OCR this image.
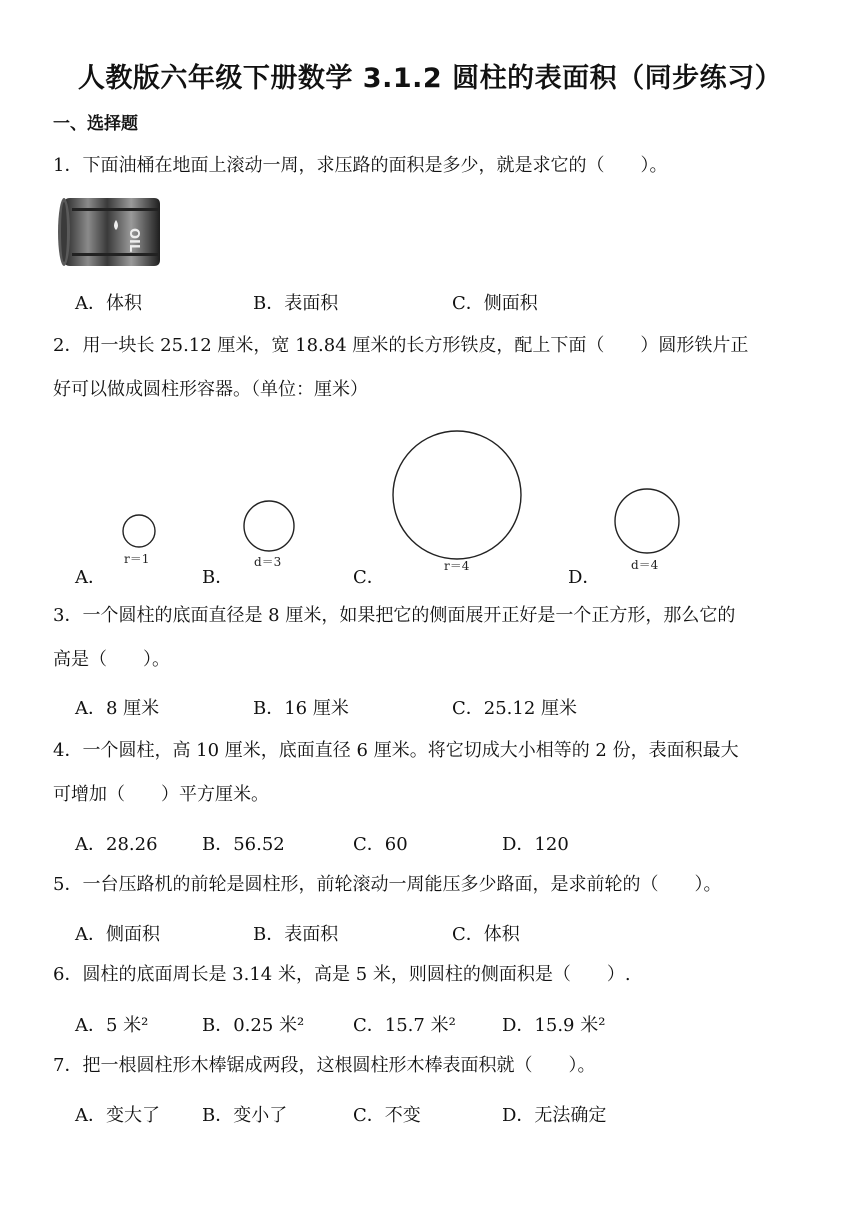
人教版六年级下册数学 3.1.2 圆柱的表面积（同步练习）
一、选择题
1．下面油桶在地面上滚动一周，求压路的面积是多少，就是求它的（　　）。
OIL
2．用一块长 25.12 厘米，宽 18.84 厘米的长方形铁皮，配上下面（　　）圆形铁片正
好可以做成圆柱形容器。（单位：厘米）
r＝1	d＝3	r＝4	d＝4
3．一个圆柱的底面直径是 8 厘米，如果把它的侧面展开正好是一个正方形，那么它的
高是（　　）。
4．一个圆柱，高 10 厘米，底面直径 6 厘米。将它切成大小相等的 2 份，表面积最大
可增加（　　）平方厘米。
5．一台压路机的前轮是圆柱形，前轮滚动一周能压多少路面，是求前轮的（　　）。
6．圆柱的底面周长是 3.14 米，高是 5 米，则圆柱的侧面积是（　　）.
7．把一根圆柱形木棒锯成两段，这根圆柱形木棒表面积就（　　）。
A．体积	B．表面积	C．侧面积
A．	B．	C．	D．
A．8 厘米	B．16 厘米	C．25.12 厘米
A．28.26 B．56.52	C．60	D．120
A．侧面积	B．表面积	C．体积
A．5 米²	B．0.25 米²	C．15.7 米²	D．15.9 米²
A．变大了 B．变小了	C．不变	D．无法确定
